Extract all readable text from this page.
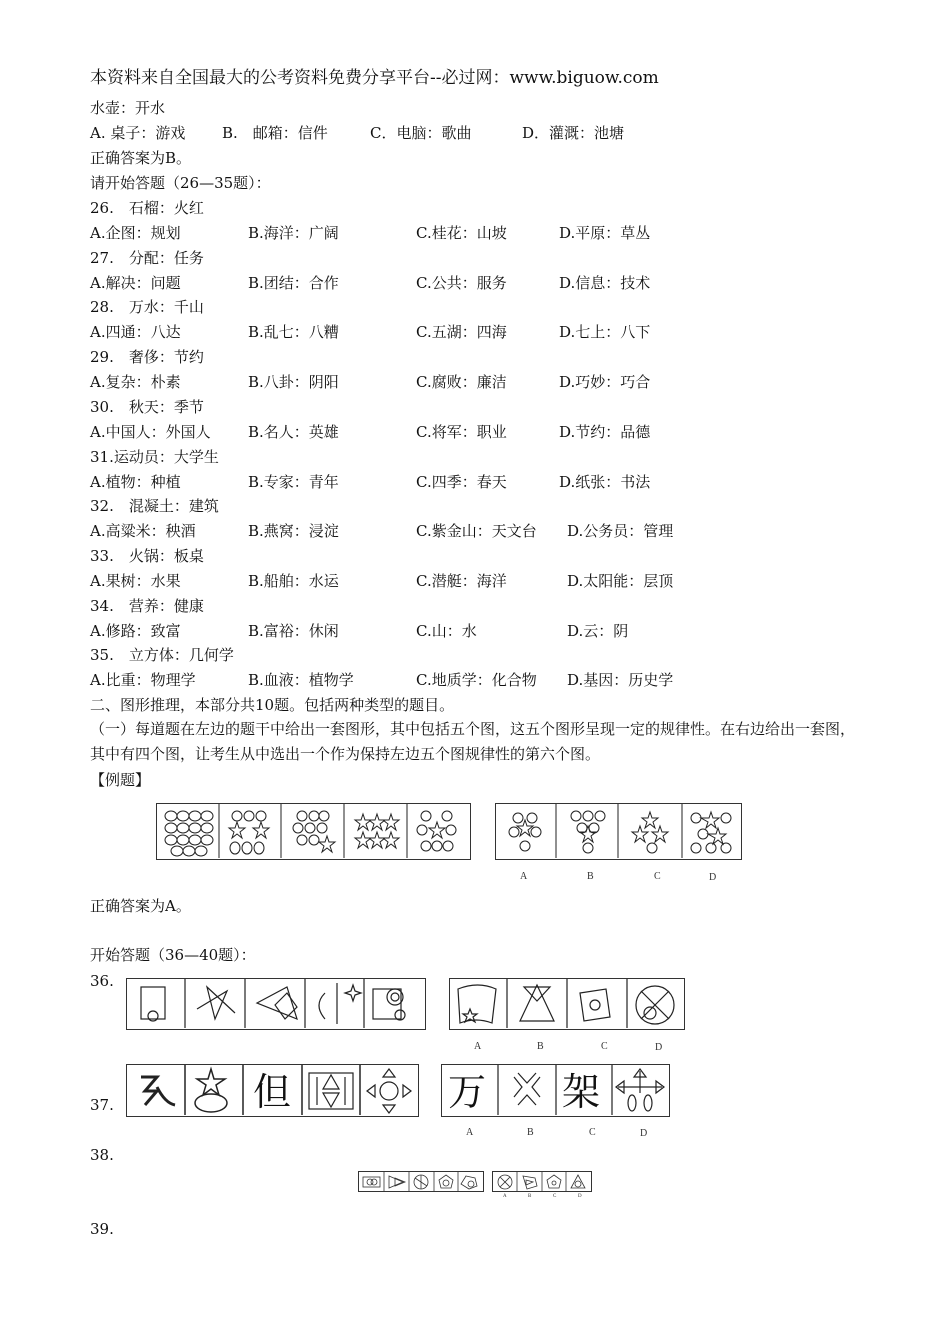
本资料来自全国最大的公考资料免费分享平台--必过网：www.biguow.com
水壶：开水
A. 桌子：游戏 B.　邮箱：信件	C．电脑：歌曲	D．灌溉：池塘
正确答案为B。
请开始答题（26—35题）：
26.　石榴：火红
A.企图：规划	B.海洋：广阔	C.桂花：山坡	D.平原：草丛
27.　分配：任务
A.解决：问题	B.团结：合作	C.公共：服务	D.信息：技术
28.　万水：千山
A.四通：八达	B.乱七：八糟	C.五湖：四海	D.七上：八下
29.　奢侈：节约
A.复杂：朴素	B.八卦：阴阳	C.腐败：廉洁	D.巧妙：巧合
30.　秋天：季节
A.中国人：外国人 B.名人：英雄	C.将军：职业	D.节约：品德
31.运动员：大学生
A.植物：种植	B.专家：青年	C.四季：春天	D.纸张：书法
32.　混凝土：建筑
A.高粱米：秧酒	B.燕窝：浸淀	C.紫金山：天文台 D.公务员：管理
33.　火锅：板桌
A.果树：水果	B.船舶：水运	C.潜艇：海洋	D.太阳能：层顶
34.　营养：健康
A.修路：致富	B.富裕：休闲	C.山：水	D.云：阴
35.　立方体：几何学
A.比重：物理学	B.血液：植物学	C.地质学：化合物 D.基因：历史学
二、图形推理，本部分共10题。包括两种类型的题目。
（一）每道题在左边的题干中给出一套图形，其中包括五个图，这五个图形呈现一定的规律性。在右边给出一套图，其中有四个图，让考生从中选出一个作为保持左边五个图规律性的第六个图。
【例题】
A	B	C	D
正确答案为A。
开始答题（36—40题）：
36.
A	B	C	D
37.	但	万 架
A	B	C	D
38.
A	B	C	D
39.
